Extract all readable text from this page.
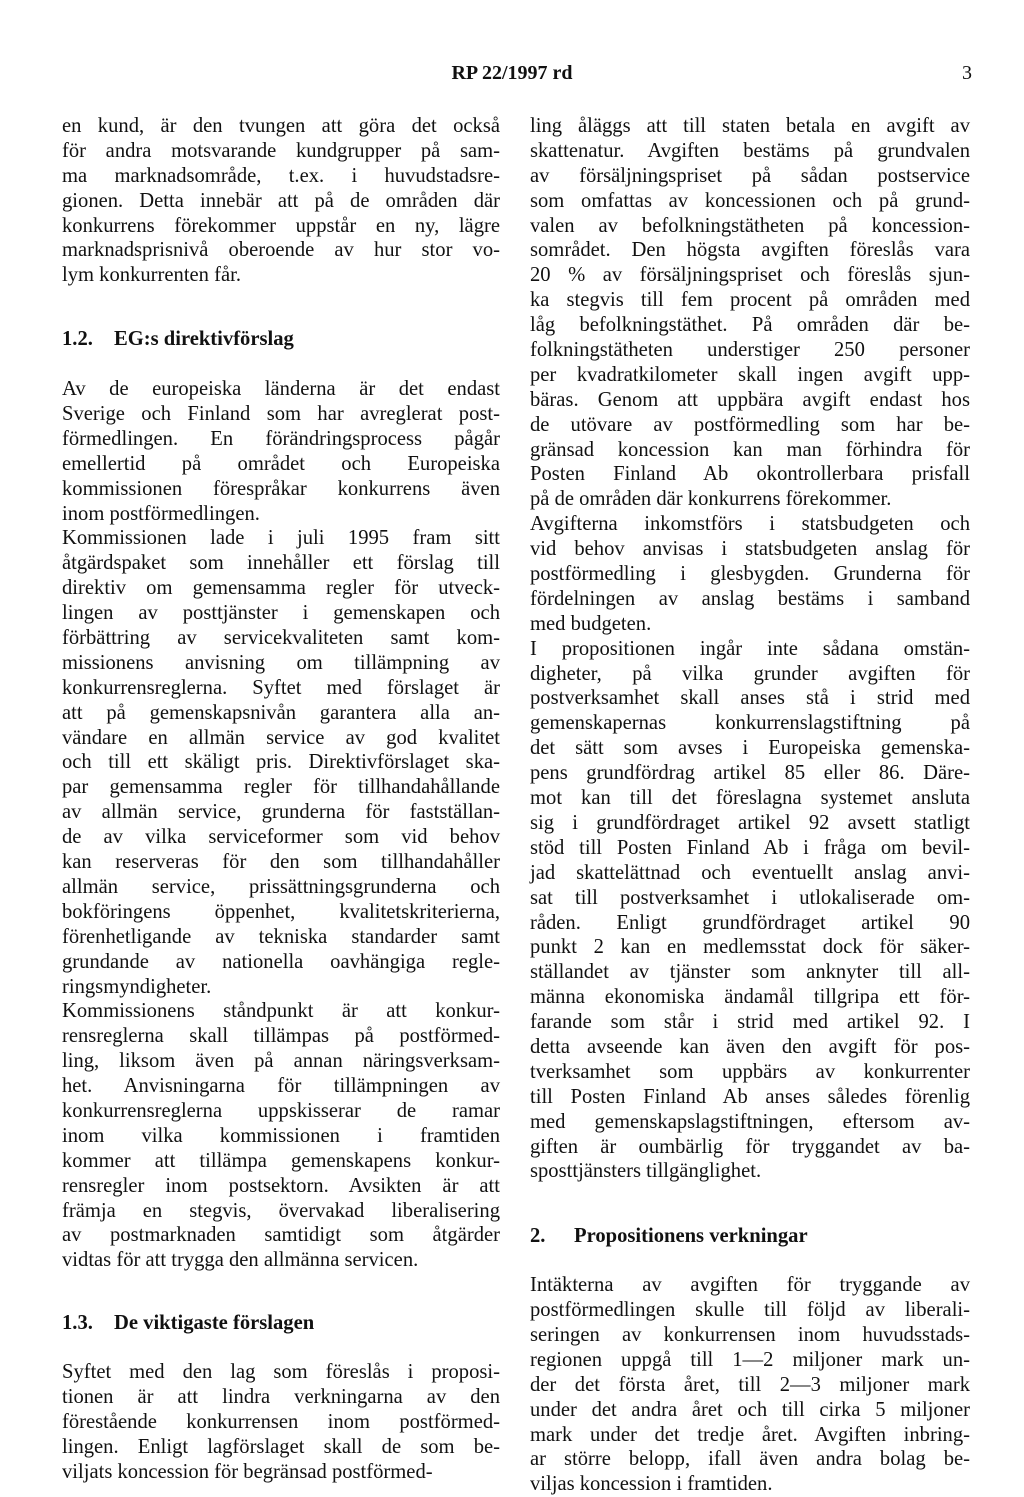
RP 22/1997 rd	3
en kund, är den tvungen att göra det också
för andra motsvarande kundgrupper på sam-
ma marknadsområde, t.ex. i huvudstadsre-
gionen. Detta innebär att på de områden där
konkurrens förekommer uppstår en ny, lägre
marknadsprisnivå oberoende av hur stor vo-
lym konkurrenten får.
1.2. EG:s direktivförslag
Av de europeiska länderna är det endast
Sverige och Finland som har avreglerat post-
förmedlingen. En förändringsprocess pågår
emellertid på området och Europeiska
kommissionen förespråkar konkurrens även
inom postförmedlingen.
Kommissionen lade i juli 1995 fram sitt
åtgärdspaket som innehåller ett förslag till
direktiv om gemensamma regler för utveck-
lingen av posttjänster i gemenskapen och
förbättring av servicekvaliteten samt kom-
missionens anvisning om tillämpning av
konkurrensreglerna. Syftet med förslaget är
att på gemenskapsnivån garantera alla an-
vändare en allmän service av god kvalitet
och till ett skäligt pris. Direktivförslaget ska-
par gemensamma regler för tillhandahållande
av allmän service, grunderna för fastställan-
de av vilka serviceformer som vid behov
kan reserveras för den som tillhandahåller
allmän service, prissättningsgrunderna och
bokföringens öppenhet, kvalitetskriterierna,
förenhetligande av tekniska standarder samt
grundande av nationella oavhängiga regle-
ringsmyndigheter.
Kommissionens ståndpunkt är att konkur-
rensreglerna skall tillämpas på postförmed-
ling, liksom även på annan näringsverksam-
het. Anvisningarna för tillämpningen av
konkurrensreglerna uppskisserar de ramar
inom vilka kommissionen i framtiden
kommer att tillämpa gemenskapens konkur-
rensregler inom postsektorn. Avsikten är att
främja en stegvis, övervakad liberalisering
av postmarknaden samtidigt som åtgärder
vidtas för att trygga den allmänna servicen.
1.3. De viktigaste förslagen
Syftet med den lag som föreslås i proposi-
tionen är att lindra verkningarna av den
förestående konkurrensen inom postförmed-
lingen. Enligt lagförslaget skall de som be-
viljats koncession för begränsad postförmed-
ling åläggs att till staten betala en avgift av
skattenatur. Avgiften bestäms på grundvalen
av försäljningspriset på sådan postservice
som omfattas av koncessionen och på grund-
valen av befolkningstätheten på koncession-
sområdet. Den högsta avgiften föreslås vara
20 % av försäljningspriset och föreslås sjun-
ka stegvis till fem procent på områden med
låg befolkningstäthet. På områden där be-
folkningstätheten understiger 250 personer
per kvadratkilometer skall ingen avgift upp-
bäras. Genom att uppbära avgift endast hos
de utövare av postförmedling som har be-
gränsad koncession kan man förhindra för
Posten Finland Ab okontrollerbara prisfall
på de områden där konkurrens förekommer.
Avgifterna inkomstförs i statsbudgeten och
vid behov anvisas i statsbudgeten anslag för
postförmedling i glesbygden. Grunderna för
fördelningen av anslag bestäms i samband
med budgeten.
I propositionen ingår inte sådana omstän-
digheter, på vilka grunder avgiften för
postverksamhet skall anses stå i strid med
gemenskapernas konkurrenslagstiftning på
det sätt som avses i Europeiska gemenska-
pens grundfördrag artikel 85 eller 86. Däre-
mot kan till det föreslagna systemet ansluta
sig i grundfördraget artikel 92 avsett statligt
stöd till Posten Finland Ab i fråga om bevil-
jad skattelättnad och eventuellt anslag anvi-
sat till postverksamhet i utlokaliserade om-
råden. Enligt grundfördraget artikel 90
punkt 2 kan en medlemsstat dock för säker-
ställandet av tjänster som anknyter till all-
männa ekonomiska ändamål tillgripa ett för-
farande som står i strid med artikel 92. I
detta avseende kan även den avgift för pos-
tverksamhet som uppbärs av konkurrenter
till Posten Finland Ab anses således förenlig
med gemenskapslagstiftningen, eftersom av-
giften är oumbärlig för tryggandet av ba-
sposttjänsters tillgänglighet.
2. Propositionens verkningar
Intäkterna av avgiften för tryggande av
postförmedlingen skulle till följd av liberali-
seringen av konkurrensen inom huvudsstads-
regionen uppgå till 1—2 miljoner mark un-
der det första året, till 2—3 miljoner mark
under det andra året och till cirka 5 miljoner
mark under det tredje året. Avgiften inbring-
ar större belopp, ifall även andra bolag be-
viljas koncession i framtiden.
